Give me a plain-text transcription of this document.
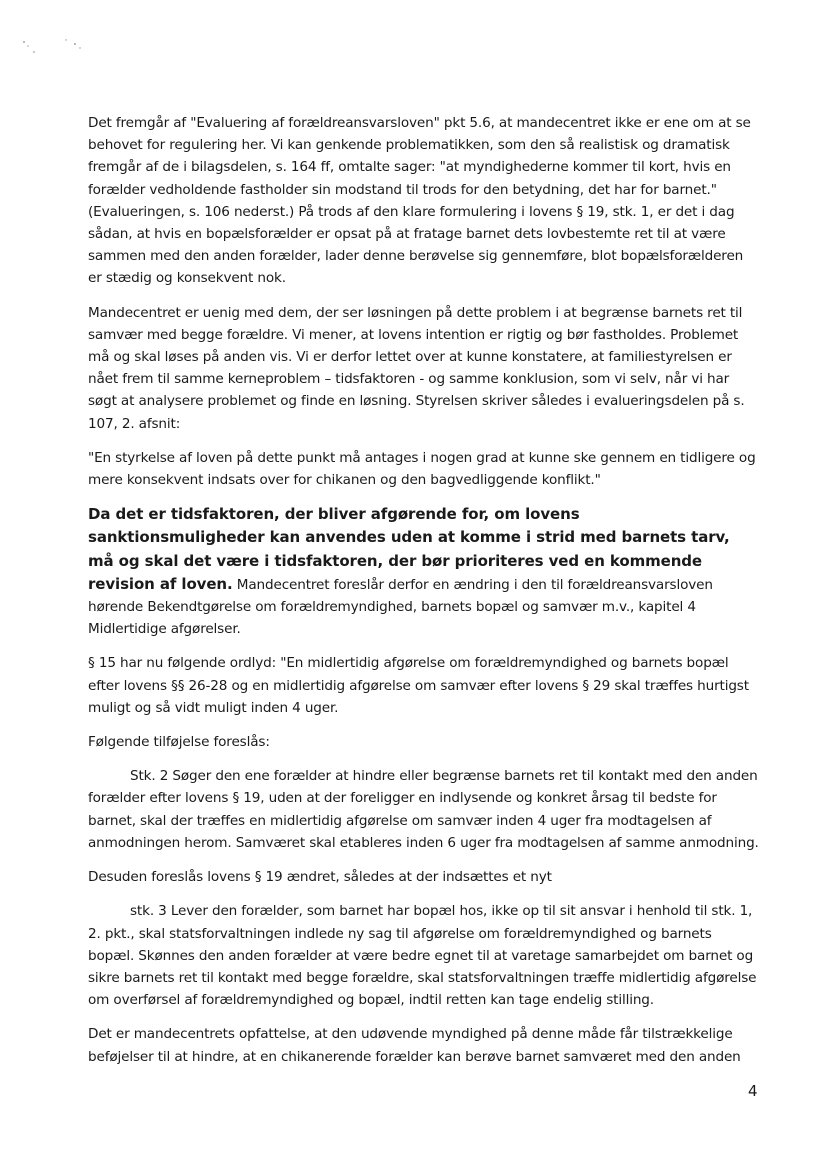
Det fremgår af "Evaluering af forældreansvarsloven" pkt 5.6, at mandecentret ikke er ene om at se behovet for regulering her. Vi kan genkende problematikken, som den så realistisk og dramatisk fremgår af de i bilagsdelen, s. 164 ff, omtalte sager: "at myndighederne kommer til kort, hvis en forælder vedholdende fastholder sin modstand til trods for den betydning, det har for barnet." (Evalueringen, s. 106 nederst.) På trods af den klare formulering i lovens § 19, stk. 1, er det i dag sådan, at hvis en bopælsforælder er opsat på at fratage barnet dets lovbestemte ret til at være sammen med den anden forælder, lader denne berøvelse sig gennemføre, blot bopælsforælderen er stædig og konsekvent nok.

Mandecentret er uenig med dem, der ser løsningen på dette problem i at begrænse barnets ret til samvær med begge forældre. Vi mener, at lovens intention er rigtig og bør fastholdes. Problemet må og skal løses på anden vis. Vi er derfor lettet over at kunne konstatere, at familiestyrelsen er nået frem til samme kerneproblem – tidsfaktoren - og samme konklusion, som vi selv, når vi har søgt at analysere problemet og finde en løsning. Styrelsen skriver således i evalueringsdelen på s. 107, 2. afsnit:

"En styrkelse af loven på dette punkt må antages i nogen grad at kunne ske gennem en tidligere og mere konsekvent indsats over for chikanen og den bagvedliggende konflikt."

Da det er tidsfaktoren, der bliver afgørende for, om lovens sanktionsmuligheder kan anvendes uden at komme i strid med barnets tarv, må og skal det være i tidsfaktoren, der bør prioriteres ved en kommende revision af loven. Mandecentret foreslår derfor en ændring i den til forældreansvarsloven hørende Bekendtgørelse om forældremyndighed, barnets bopæl og samvær m.v., kapitel 4 Midlertidige afgørelser.

§ 15 har nu følgende ordlyd: "En midlertidig afgørelse om forældremyndighed og barnets bopæl efter lovens §§ 26-28 og en midlertidig afgørelse om samvær efter lovens § 29 skal træffes hurtigst muligt og så vidt muligt inden 4 uger.

Følgende tilføjelse foreslås:

Stk. 2 Søger den ene forælder at hindre eller begrænse barnets ret til kontakt med den anden forælder efter lovens § 19, uden at der foreligger en indlysende og konkret årsag til bedste for barnet, skal der træffes en midlertidig afgørelse om samvær inden 4 uger fra modtagelsen af anmodningen herom. Samværet skal etableres inden 6 uger fra modtagelsen af samme anmodning.

Desuden foreslås lovens § 19 ændret, således at der indsættes et nyt

stk. 3 Lever den forælder, som barnet har bopæl hos, ikke op til sit ansvar i henhold til stk. 1, 2. pkt., skal statsforvaltningen indlede ny sag til afgørelse om forældremyndighed og barnets bopæl. Skønnes den anden forælder at være bedre egnet til at varetage samarbejdet om barnet og sikre barnets ret til kontakt med begge forældre, skal statsforvaltningen træffe midlertidig afgørelse om overførsel af forældremyndighed og bopæl, indtil retten kan tage endelig stilling.

Det er mandecentrets opfattelse, at den udøvende myndighed på denne måde får tilstrækkelige beføjelser til at hindre, at en chikanerende forælder kan berøve barnet samværet med den anden

4
